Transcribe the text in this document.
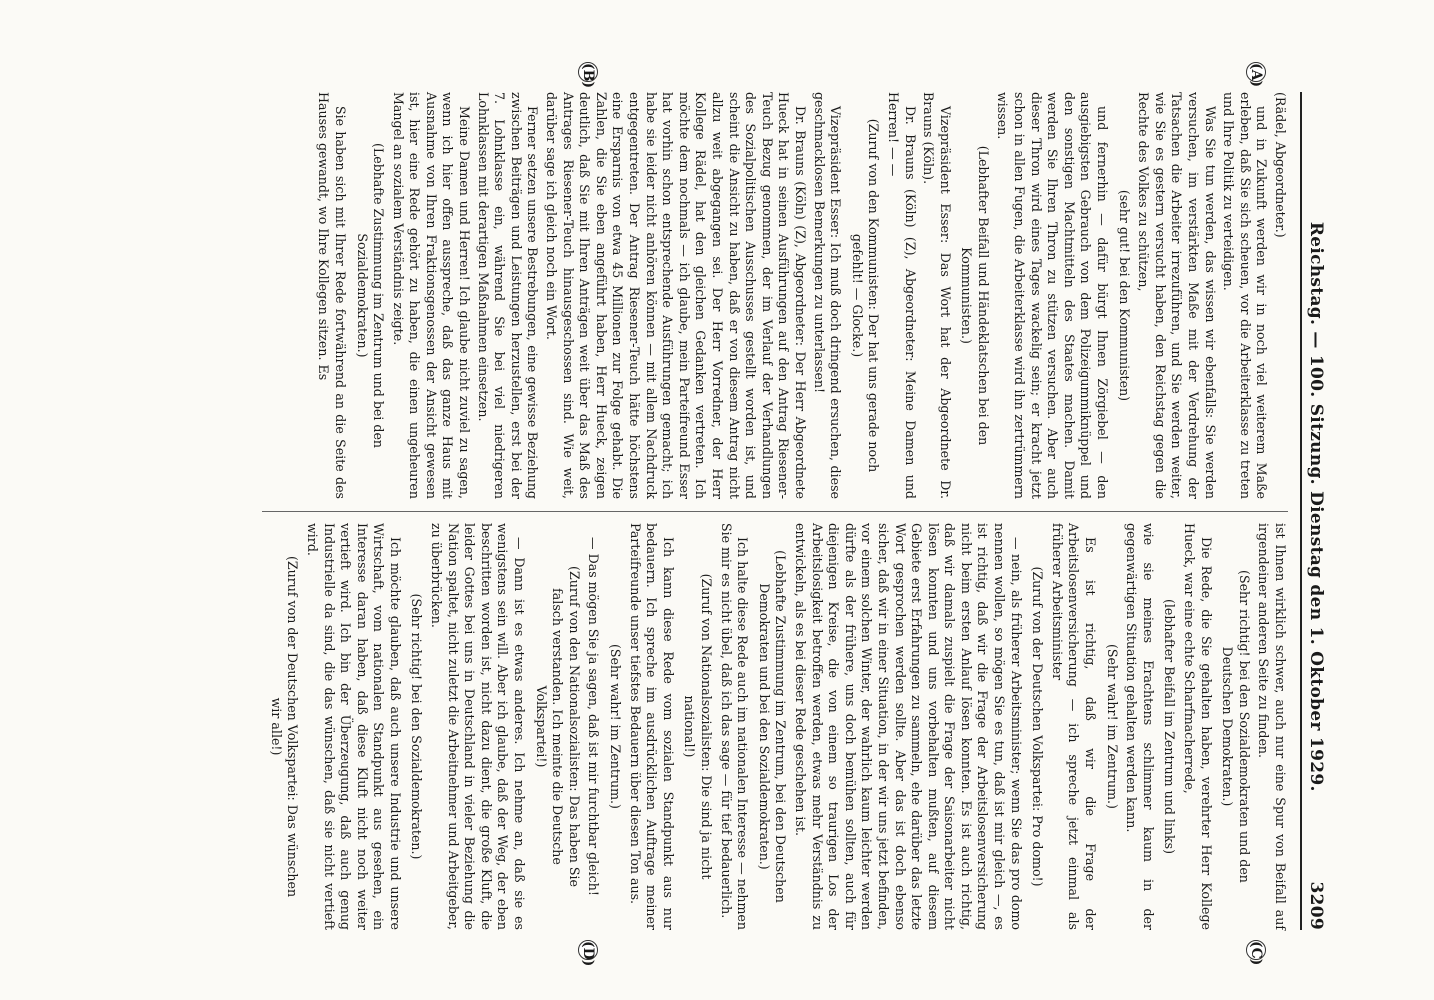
Reichstag. — 100. Sitzung. Dienstag den 1. Oktober 1929.
3209

(Rädel, Abgeordneter.)

und in Zukunft werden wir in noch viel weiterem Maße erleben, daß Sie sich scheuen, vor die Arbeiterklasse zu treten und Ihre Politik zu verteidigen.

Was Sie tun werden, das wissen wir ebenfalls: Sie werden versuchen, im verstärkten Maße mit der Verdrehung der Tatsachen die Arbeiter irrezuführen, und Sie werden weiter, wie Sie es gestern versucht haben, den Reichstag gegen die Rechte des Volkes zu schützen,

(sehr gut! bei den Kommunisten)

und fernerhin — dafür bürgt Ihnen Zörgiebel — den ausgiebigsten Gebrauch von dem Polizeigummiknüppel und den sonstigen Machtmitteln des Staates machen. Damit werden Sie Ihren Thron zu stützen versuchen. Aber auch dieser Thron wird eines Tages wackelig sein; er kracht jetzt schon in allen Fugen, die Arbeiterklasse wird ihn zertrümmern wissen.

(Lebhafter Beifall und Händeklatschen bei den Kommunisten.)

Vizepräsident Esser: Das Wort hat der Abgeordnete Dr. Brauns (Köln).

Dr. Brauns (Köln) (Z), Abgeordneter: Meine Damen und Herren! — —

(Zuruf von den Kommunisten: Der hat uns gerade noch gefehlt! — Glocke.)

Vizepräsident Esser: Ich muß doch dringend ersuchen, diese geschmacklosen Bemerkungen zu unterlassen!

Dr. Brauns (Köln) (Z), Abgeordneter: Der Herr Abgeordnete Hueck hat in seinen Ausführungen auf den Antrag Riesener-Teuch Bezug genommen, der im Verlauf der Verhandlungen des Sozialpolitischen Ausschusses gestellt worden ist, und scheint die Ansicht zu haben, daß er von diesem Antrag nicht allzu weit abgegangen sei. Der Herr Vorredner, der Herr Kollege Rädel, hat den gleichen Gedanken vertreten. Ich möchte dem nochmals — ich glaube, mein Parteifreund Esser hat vorhin schon entsprechende Ausführungen gemacht; ich habe sie leider nicht anhören können — mit allem Nachdruck entgegentreten. Der Antrag Riesener-Teuch hätte höchstens eine Ersparnis von etwa 45 Millionen zur Folge gehabt. Die Zahlen, die Sie eben angeführt haben, Herr Hueck, zeigen deutlich, daß Sie mit Ihren Anträgen weit über das Maß des Antrages Riesener-Teuch hinausgeschossen sind. Wie weit, darüber sage ich gleich noch ein Wort.

Ferner setzen unsere Bestrebungen, eine gewisse Beziehung zwischen Beiträgen und Leistungen herzustellen, erst bei der 7. Lohnklasse ein, während Sie bei viel niedrigeren Lohnklassen mit derartigen Maßnahmen einsetzen.

Meine Damen und Herren! Ich glaube nicht zuviel zu sagen, wenn ich hier offen ausspreche, daß das ganze Haus mit Ausnahme von Ihren Fraktionsgenossen der Ansicht gewesen ist, hier eine Rede gehört zu haben, die einen ungeheuren Mangel an sozialem Verständnis zeigte.

(Lebhafte Zustimmung im Zentrum und bei den Sozialdemokraten.)

Sie haben sich mit Ihrer Rede fortwährend an die Seite des Hauses gewandt, wo Ihre Kollegen sitzen. Es

ist Ihnen wirklich schwer, auch nur eine Spur von Beifall auf irgendeiner anderen Seite zu finden.

(Sehr richtig! bei den Sozialdemokraten und den Deutschen Demokraten.)

Die Rede, die Sie gehalten haben, verehrter Herr Kollege Hueck, war eine echte Scharfmacherrede,

(lebhafter Beifall im Zentrum und links)

wie sie meines Erachtens schlimmer kaum in der gegenwärtigen Situation gehalten werden kann.

(Sehr wahr! im Zentrum.)

Es ist richtig, daß wir die Frage der Arbeitslosenversicherung — ich spreche jetzt einmal als früherer Arbeitsminister

(Zuruf von der Deutschen Volkspartei: Pro domo!)

— nein, als früherer Arbeitsminister; wenn Sie das pro domo nennen wollen, so mögen Sie es tun, daß ist mir gleich —, es ist richtig, daß wir die Frage der Arbeitslosenversicherung nicht beim ersten Anlauf lösen konnten. Es ist auch richtig, daß wir damals zuspielt die Frage der Saisonarbeiter nicht lösen konnten und uns vorbehalten mußten, auf diesem Gebiete erst Erfahrungen zu sammeln, ehe darüber das letzte Wort gesprochen werden sollte. Aber das ist doch ebenso sicher, daß wir in einer Situation, in der wir uns jetzt befinden, vor einem solchen Winter, der wahrlich kaum leichter werden dürfte als der frühere, uns doch bemühen sollten, auch für diejenigen Kreise, die von einem so traurigen Los der Arbeitslosigkeit betroffen werden, etwas mehr Verständnis zu entwickeln, als es bei dieser Rede geschehen ist.

(Lebhafte Zustimmung im Zentrum, bei den Deutschen Demokraten und bei den Sozialdemokraten.)

Ich halte diese Rede auch im nationalen Interesse — nehmen Sie mir es nicht übel, daß ich das sage — für tief bedauerlich.

(Zuruf von Nationalsozialisten: Die sind ja nicht national!)

Ich kann diese Rede vom sozialen Standpunkt aus nur bedauern. Ich spreche im ausdrücklichen Auftrage meiner Parteifreunde unser tiefstes Bedauern über diesen Ton aus.

(Sehr wahr! im Zentrum.)

— Das mögen Sie ja sagen, daß ist mir furchtbar gleich!

(Zuruf von den Nationalsozialisten: Das haben Sie falsch verstanden. Ich meinte die Deutsche Volkspartei!)

— Dann ist es etwas anderes. Ich nehme an, daß sie es wenigstens sein will. Aber ich glaube, daß der Weg, der eben beschritten worden ist, nicht dazu dient, die große Kluft, die leider Gottes bei uns in Deutschland in vieler Beziehung die Nation spaltet, nicht zuletzt die Arbeitnehmer und Arbeitgeber, zu überbrücken.

(Sehr richtig! bei den Sozialdemokraten.)

Ich möchte glauben, daß auch unsere Industrie und unsere Wirtschaft, vom nationalen Standpunkt aus gesehen, ein Interesse daran haben, daß diese Kluft nicht noch weiter vertieft wird. Ich bin der Überzeugung, daß auch genug Industrielle da sind, die das wünschen, daß sie nicht vertieft wird.

(Zuruf von der Deutschen Volkspartei: Das wünschen wir alle!)

(A)
(B)
(C)
(D)
